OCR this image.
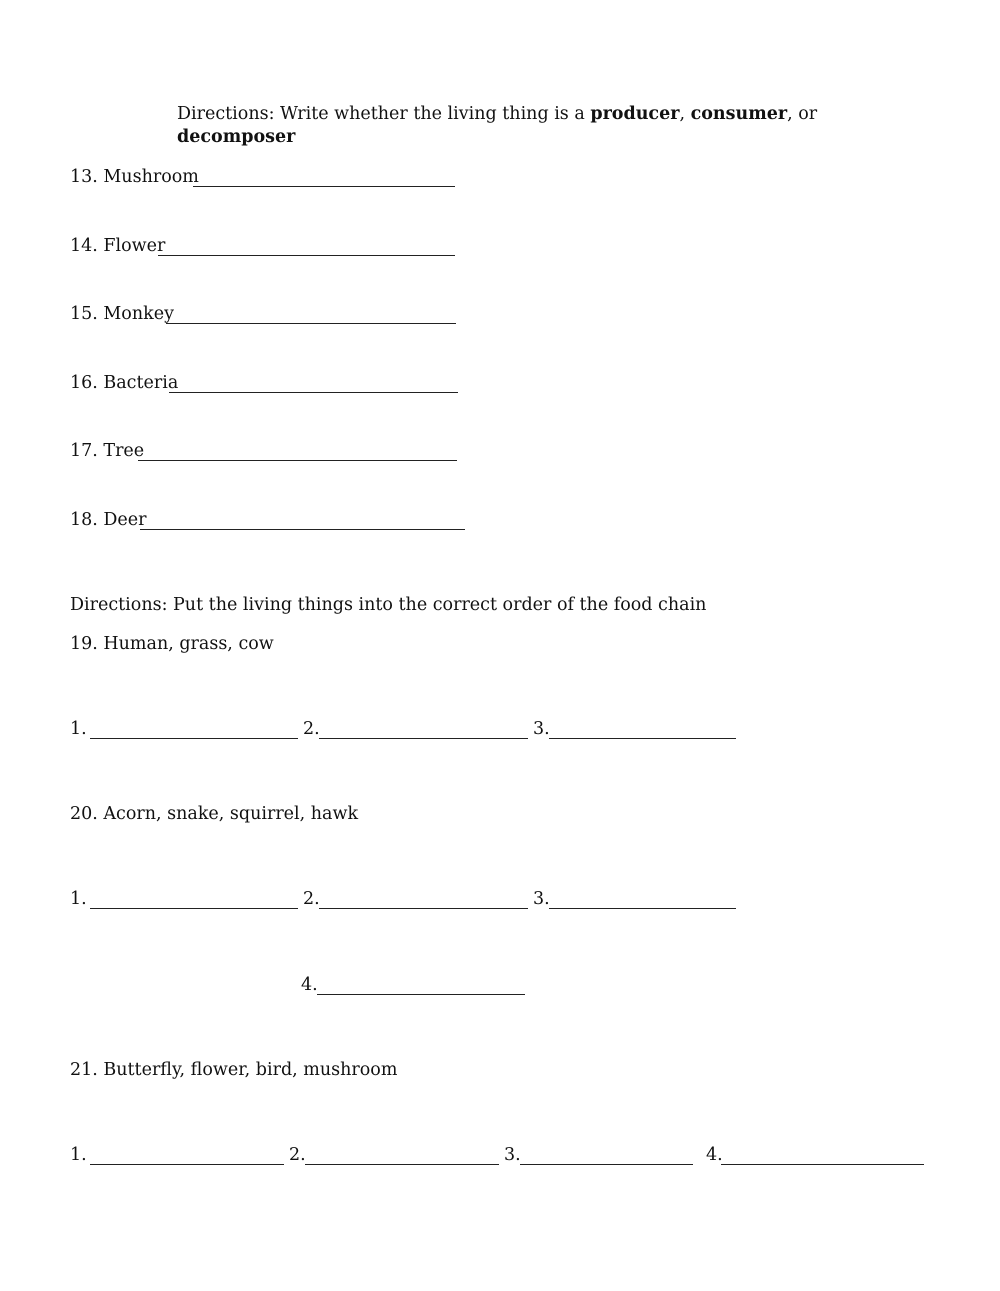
Directions: Write whether the living thing is a producer, consumer, or
decomposer
13. Mushroom
14. Flower
15. Monkey
16. Bacteria
17. Tree
18. Deer
Directions: Put the living things into the correct order of the food chain
19. Human, grass, cow
1.	2.	3.
20. Acorn, snake, squirrel, hawk
1.	2.	3.
4.
21. Butterfly, flower, bird, mushroom
1.	2.	3.	4.
